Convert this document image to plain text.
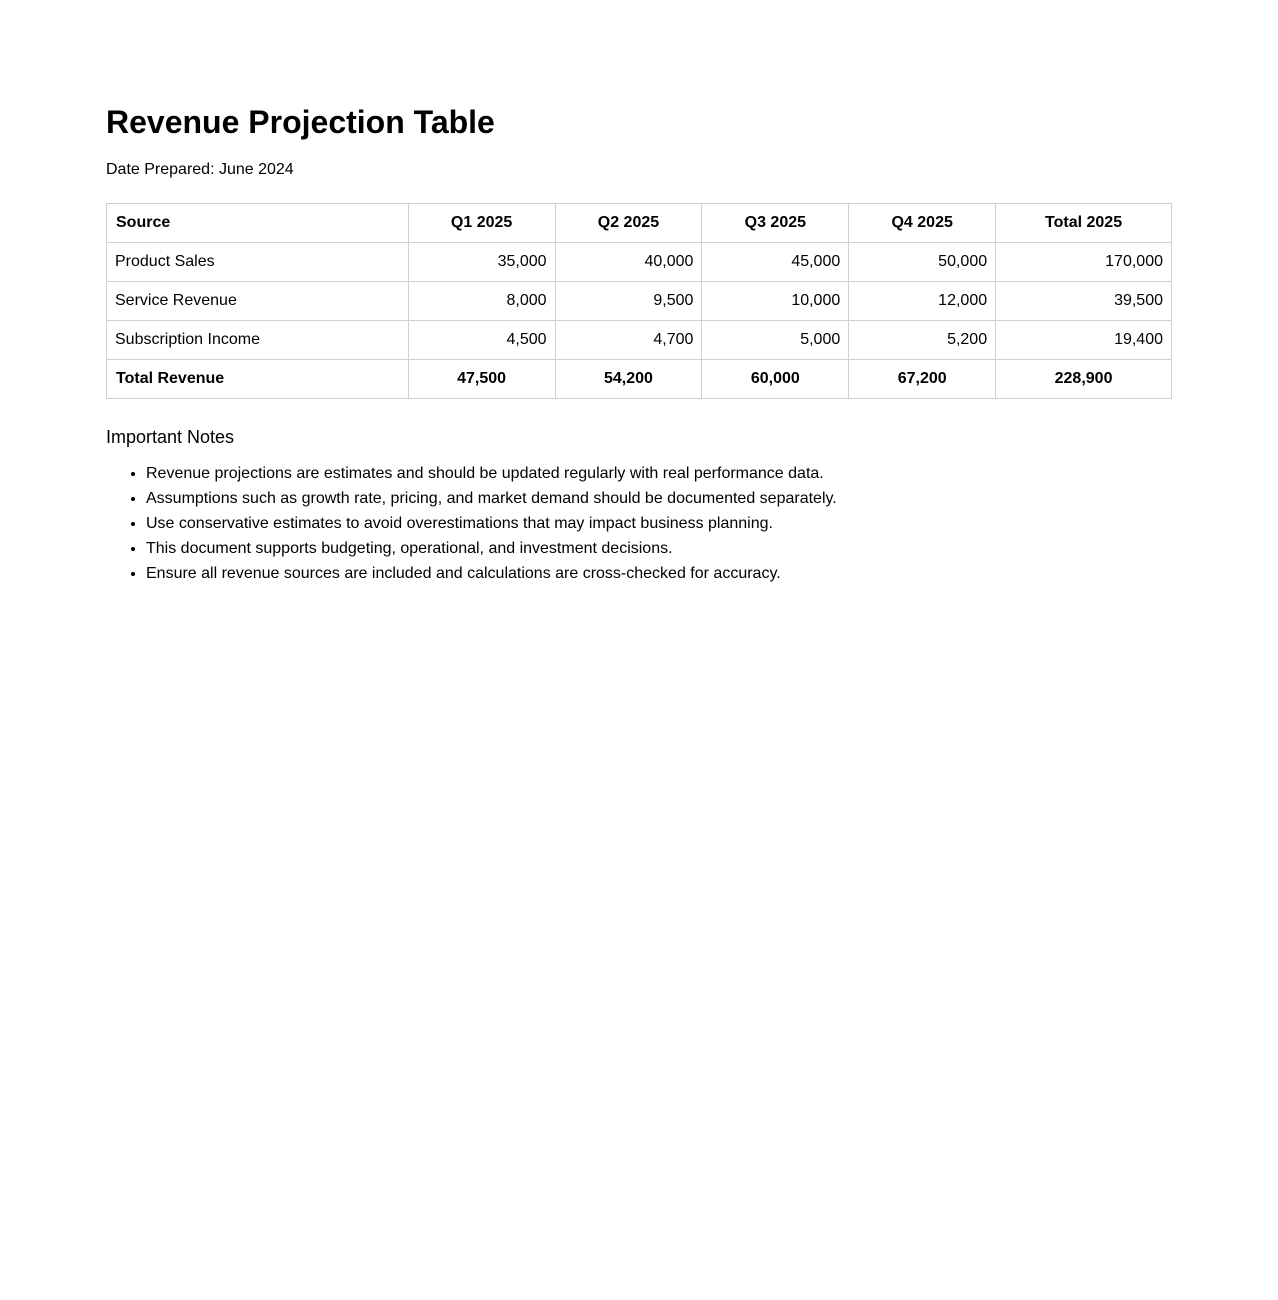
Revenue Projection Table
Date Prepared: June 2024
Source	Q1 2025	Q2 2025	Q3 2025	Q4 2025	Total 2025
Product Sales	35,000	40,000	45,000	50,000	170,000
Service Revenue	8,000	9,500	10,000	12,000	39,500
Subscription Income	4,500	4,700	5,000	5,200	19,400
Total Revenue	47,500	54,200	60,000	67,200	228,900
Important Notes
• Revenue projections are estimates and should be updated regularly with real performance data.
• Assumptions such as growth rate, pricing, and market demand should be documented separately.
• Use conservative estimates to avoid overestimations that may impact business planning.
• This document supports budgeting, operational, and investment decisions.
• Ensure all revenue sources are included and calculations are cross-checked for accuracy.
